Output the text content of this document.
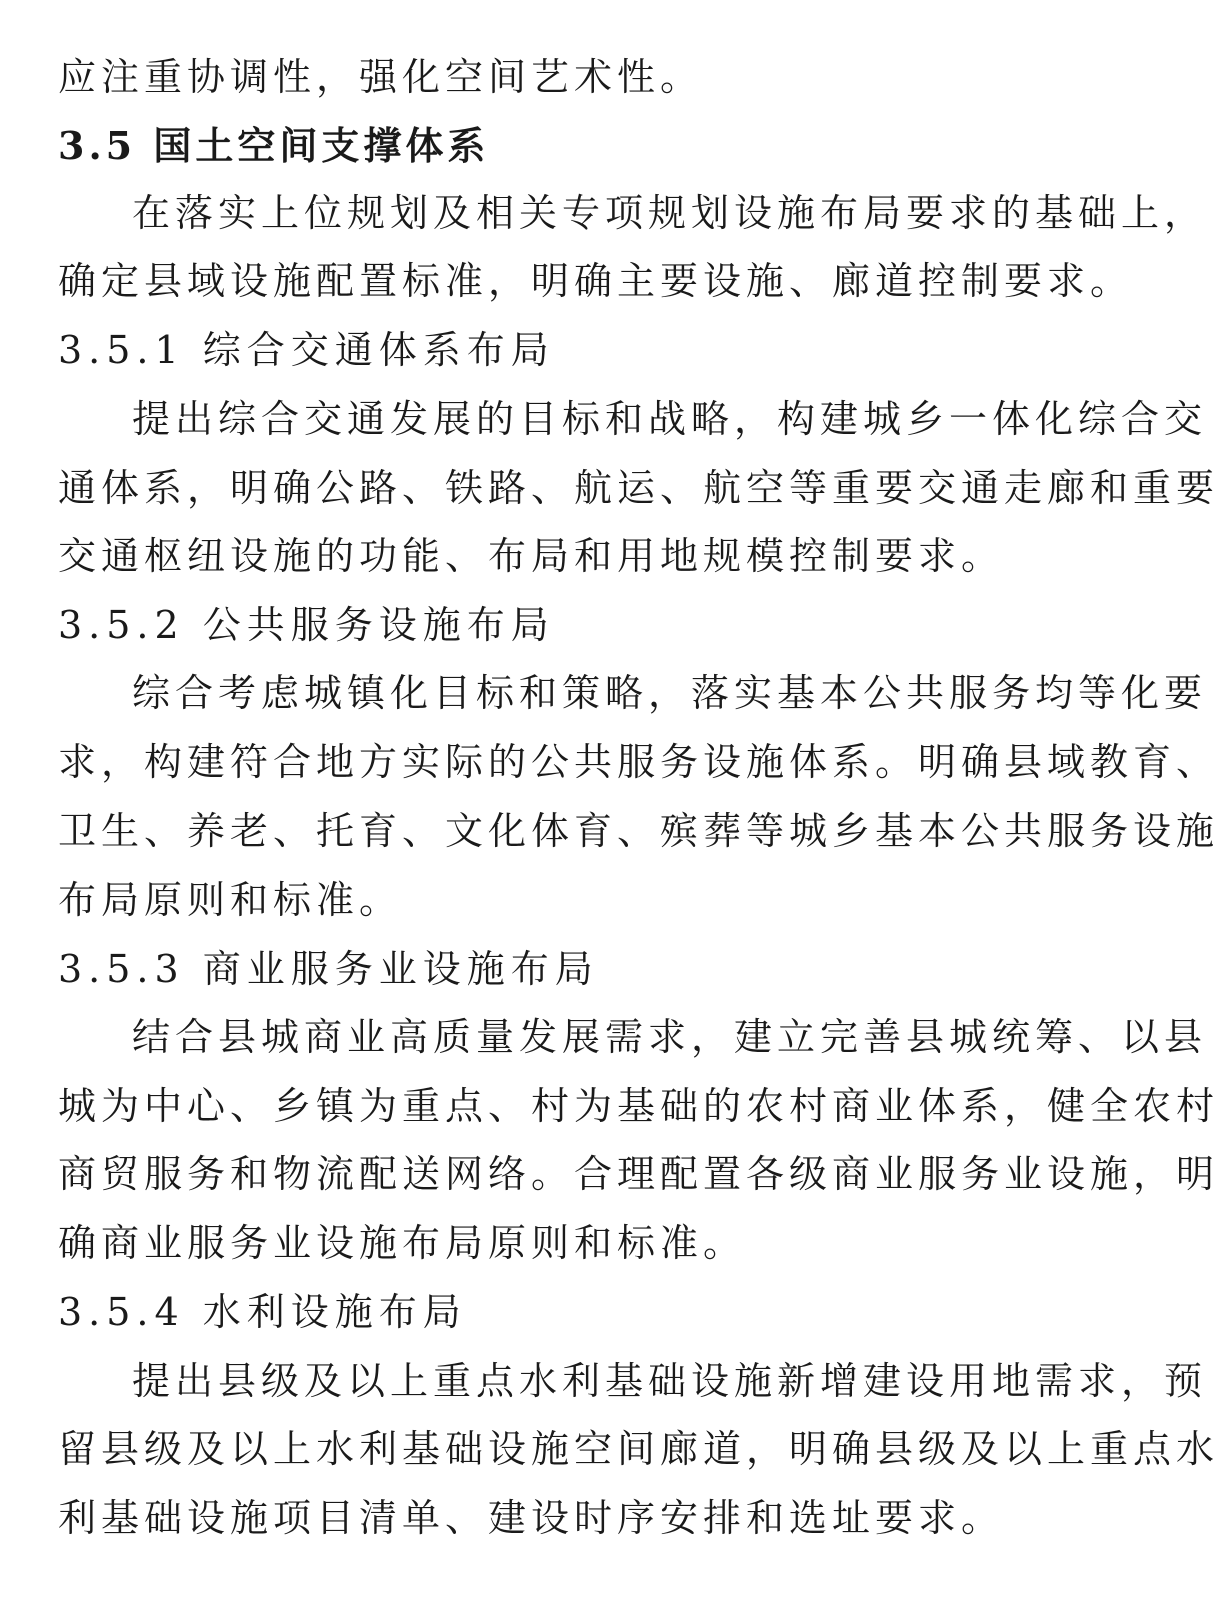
应注重协调性，强化空间艺术性。
3.5 国土空间支撑体系
在落实上位规划及相关专项规划设施布局要求的基础上，
确定县域设施配置标准，明确主要设施、廊道控制要求。
3.5.1 综合交通体系布局
提出综合交通发展的目标和战略，构建城乡一体化综合交
通体系，明确公路、铁路、航运、航空等重要交通走廊和重要
交通枢纽设施的功能、布局和用地规模控制要求。
3.5.2 公共服务设施布局
综合考虑城镇化目标和策略，落实基本公共服务均等化要
求，构建符合地方实际的公共服务设施体系。明确县域教育、
卫生、养老、托育、文化体育、殡葬等城乡基本公共服务设施
布局原则和标准。
3.5.3 商业服务业设施布局
结合县城商业高质量发展需求，建立完善县城统筹、以县
城为中心、乡镇为重点、村为基础的农村商业体系，健全农村
商贸服务和物流配送网络。合理配置各级商业服务业设施，明
确商业服务业设施布局原则和标准。
3.5.4 水利设施布局
提出县级及以上重点水利基础设施新增建设用地需求，预
留县级及以上水利基础设施空间廊道，明确县级及以上重点水
利基础设施项目清单、建设时序安排和选址要求。
